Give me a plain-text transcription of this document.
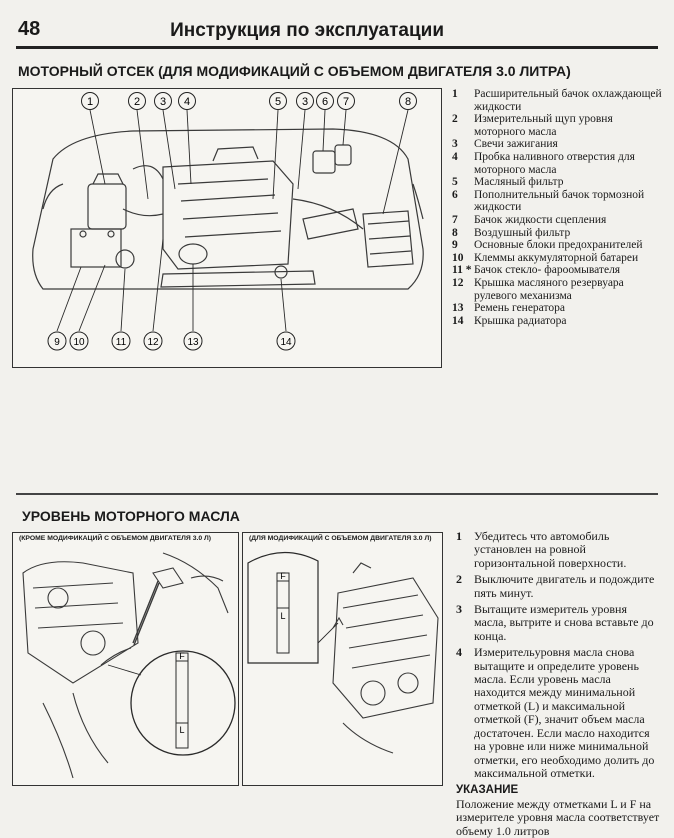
48	Инструкция по эксплуатации
МОТОРНЫЙ ОТСЕК (ДЛЯ МОДИФИКАЦИЙ С ОБЪЕМОМ ДВИГАТЕЛЯ 3.0 ЛИТРА)
1	2 3 4	5 3 6 7	8
9 10	11 12	13	14
1 Расширительный бачок охлаждающей жидкости
2 Измерительный щуп уровня моторного масла
3 Свечи зажигания
4 Пробка наливного отверстия для моторного масла
5 Масляный фильтр
6 Пополнительный бачок тормозной жидкости
7 Бачок жидкости сцепления
8 Воздушный фильтр
9 Основные блоки предохранителей
10 Клеммы аккумуляторной батареи
11 * Бачок стекло- фароомывателя
12 Крышка масляного резервуара рулевого механизма
13 Ремень генератора
14 Крышка радиатора
УРОВЕНЬ МОТОРНОГО МАСЛА
(КРОМЕ МОДИФИКАЦИЙ С ОБЪЕМОМ ДВИГАТЕЛЯ 3.0 Л)
F
L
(ДЛЯ МОДИФИКАЦИЙ С ОБЪЕМОМ ДВИГАТЕЛЯ 3.0 Л)
F
L
1 Убедитесь что автомобиль установлен на ровной горизонтальной поверхности.
2 Выключите двигатель и подождите пять минут.
3 Вытащите измеритель уровня масла, вытрите и снова вставьте до конца.
4 Измерительуровня масла снова вытащите и определите уровень масла. Если уровень масла находится между минимальной отметкой (L) и максимальной отметкой (F), значит объем масла достаточен. Если масло находится на уровне или ниже минимальной отметки, его необходимо долить до максимальной отметки.
УКАЗАНИЕ
Положение между отметками L и F на измерителе уровня масла соответствует объему 1.0 литров
